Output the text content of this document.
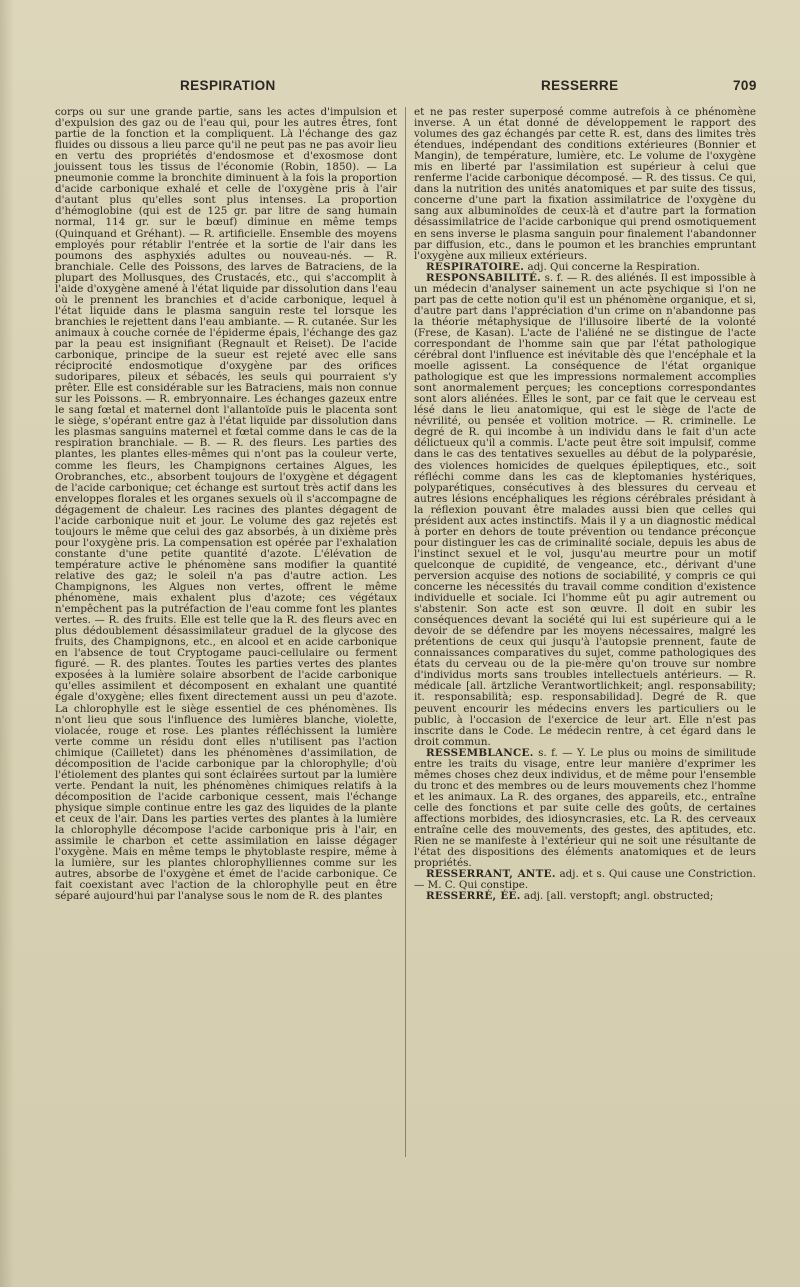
RESPIRATION	RESSERRE	709

corps ou sur une grande partie, sans les actes d'impulsion et d'expulsion des gaz ou de l'eau qui, pour les autres êtres, font partie de la fonction et la compliquent. Là l'échange des gaz fluides ou dissous a lieu parce qu'il ne peut pas ne pas avoir lieu en vertu des propriétés d'endosmose et d'exosmose dont jouissent tous les tissus de l'économie (Robin, 1850). — La pneumonie comme la bronchite diminuent à la fois la proportion d'acide carbonique exhalé et celle de l'oxygène pris à l'air d'autant plus qu'elles sont plus intenses. La proportion d'hémoglobine (qui est de 125 gr. par litre de sang humain normal, 114 gr. sur le bœuf) diminue en même temps (Quinquand et Gréhant). — R. artificielle. Ensemble des moyens employés pour rétablir l'entrée et la sortie de l'air dans les poumons des asphyxiés adultes ou nouveau-nés. — R. branchiale. Celle des Poissons, des larves de Batraciens, de la plupart des Mollusques, des Crustacés, etc., qui s'accomplit à l'aide d'oxygène amené à l'état liquide par dissolution dans l'eau où le prennent les branchies et d'acide carbonique, lequel à l'état liquide dans le plasma sanguin reste tel lorsque les branchies le rejettent dans l'eau ambiante. — R. cutanée. Sur les animaux à couche cornée de l'épiderme épais, l'échange des gaz par la peau est insignifiant (Regnault et Reiset). De l'acide carbonique, principe de la sueur est rejeté avec elle sans réciprocité endosmotique d'oxygène par des orifices sudoripares, pileux et sébacés, les seuls qui pourraient s'y prêter. Elle est considérable sur les Batraciens, mais non connue sur les Poissons. — R. embryonnaire. Les échanges gazeux entre le sang fœtal et maternel dont l'allantoïde puis le placenta sont le siège, s'opérant entre gaz à l'état liquide par dissolution dans les plasmas sanguins maternel et fœtal comme dans le cas de la respiration branchiale. — B. — R. des fleurs. Les parties des plantes, les plantes elles-mêmes qui n'ont pas la couleur verte, comme les fleurs, les Champignons certaines Algues, les Orobranches, etc., absorbent toujours de l'oxygène et dégagent de l'acide carbonique; cet échange est surtout très actif dans les enveloppes florales et les organes sexuels où il s'accompagne de dégagement de chaleur. Les racines des plantes dégagent de l'acide carbonique nuit et jour. Le volume des gaz rejetés est toujours le même que celui des gaz absorbés, à un dixième près pour l'oxygène pris. La compensation est opérée par l'exhalation constante d'une petite quantité d'azote. L'élévation de température active le phénomène sans modifier la quantité relative des gaz; le soleil n'a pas d'autre action. Les Champignons, les Algues non vertes, offrent le même phénomène, mais exhalent plus d'azote; ces végétaux n'empêchent pas la putréfaction de l'eau comme font les plantes vertes. — R. des fruits. Elle est telle que la R. des fleurs avec en plus dédoublement désassimilateur graduel de la glycose des fruits, des Champignons, etc., en alcool et en acide carbonique en l'absence de tout Cryptogame pauci-cellulaire ou ferment figuré. — R. des plantes. Toutes les parties vertes des plantes exposées à la lumière solaire absorbent de l'acide carbonique qu'elles assimilent et décomposent en exhalant une quantité égale d'oxygène; elles fixent directement aussi un peu d'azote. La chlorophylle est le siège essentiel de ces phénomènes. Ils n'ont lieu que sous l'influence des lumières blanche, violette, violacée, rouge et rose. Les plantes réfléchissent la lumière verte comme un résidu dont elles n'utilisent pas l'action chimique (Cailletet) dans les phénomènes d'assimilation, de décomposition de l'acide carbonique par la chlorophylle; d'où l'étiolement des plantes qui sont éclairées surtout par la lumière verte. Pendant la nuit, les phénomènes chimiques relatifs à la décomposition de l'acide carbonique cessent, mais l'échange physique simple continue entre les gaz des liquides de la plante et ceux de l'air. Dans les parties vertes des plantes à la lumière la chlorophylle décompose l'acide carbonique pris à l'air, en assimile le charbon et cette assimilation en laisse dégager l'oxygène. Mais en même temps le phytoblaste respire, même à la lumière, sur les plantes chlorophylliennes comme sur les autres, absorbe de l'oxygène et émet de l'acide carbonique. Ce fait coexistant avec l'action de la chlorophylle peut en être séparé aujourd'hui par l'analyse sous le nom de R. des plantes

et ne pas rester superposé comme autrefois à ce phénomène inverse. A un état donné de développement le rapport des volumes des gaz échangés par cette R. est, dans des limites très étendues, indépendant des conditions extérieures (Bonnier et Mangin), de température, lumière, etc. Le volume de l'oxygène mis en liberté par l'assimilation est supérieur à celui que renferme l'acide carbonique décomposé. — R. des tissus. Ce qui, dans la nutrition des unités anatomiques et par suite des tissus, concerne d'une part la fixation assimilatrice de l'oxygène du sang aux albuminoïdes de ceux-là et d'autre part la formation désassimilatrice de l'acide carbonique qui prend osmotiquement en sens inverse le plasma sanguin pour finalement l'abandonner par diffusion, etc., dans le poumon et les branchies empruntant l'oxygène aux milieux extérieurs.

RESPIRATOIRE. adj. Qui concerne la Respiration.

RESPONSABILITÉ. s. f. — R. des aliénés. Il est impossible à un médecin d'analyser sainement un acte psychique si l'on ne part pas de cette notion qu'il est un phénomène organique, et si, d'autre part dans l'appréciation d'un crime on n'abandonne pas la théorie métaphysique de l'illusoire liberté de la volonté (Frese, de Kasan). L'acte de l'aliéné ne se distingue de l'acte correspondant de l'homme sain que par l'état pathologique cérébral dont l'influence est inévitable dès que l'encéphale et la moelle agissent. La conséquence de l'état organique pathologique est que les impressions normalement accomplies sont anormalement perçues; les conceptions correspondantes sont alors aliénées. Elles le sont, par ce fait que le cerveau est lésé dans le lieu anatomique, qui est le siège de l'acte de névrilité, ou pensée et volition motrice. — R. criminelle. Le degré de R. qui incombe à un individu dans le fait d'un acte délictueux qu'il a commis. L'acte peut être soit impulsif, comme dans le cas des tentatives sexuelles au début de la polyparésie, des violences homicides de quelques épileptiques, etc., soit réfléchi comme dans les cas de kleptomanies hystériques, polyparétiques, consécutives à des blessures du cerveau et autres lésions encéphaliques les régions cérébrales présidant à la réflexion pouvant être malades aussi bien que celles qui président aux actes instinctifs. Mais il y a un diagnostic médical à porter en dehors de toute prévention ou tendance préconçue pour distinguer les cas de criminalité sociale, depuis les abus de l'instinct sexuel et le vol, jusqu'au meurtre pour un motif quelconque de cupidité, de vengeance, etc., dérivant d'une perversion acquise des notions de sociabilité, y compris ce qui concerne les nécessités du travail comme condition d'existence individuelle et sociale. Ici l'homme eût pu agir autrement ou s'abstenir. Son acte est son œuvre. Il doit en subir les conséquences devant la société qui lui est supérieure qui a le devoir de se défendre par les moyens nécessaires, malgré les prétentions de ceux qui jusqu'à l'autopsie prennent, faute de connaissances comparatives du sujet, comme pathologiques des états du cerveau ou de la pie-mère qu'on trouve sur nombre d'individus morts sans troubles intellectuels antérieurs. — R. médicale [all. ärtzliche Verantwortlichkeit; angl. responsability; it. responsabilità; esp. responsabilidad]. Degré de R. que peuvent encourir les médecins envers les particuliers ou le public, à l'occasion de l'exercice de leur art. Elle n'est pas inscrite dans le Code. Le médecin rentre, à cet égard dans le droit commun.

RESSEMBLANCE. s. f. — Y. Le plus ou moins de similitude entre les traits du visage, entre leur manière d'exprimer les mêmes choses chez deux individus, et de même pour l'ensemble du tronc et des membres ou de leurs mouvements chez l'homme et les animaux. La R. des organes, des appareils, etc., entraîne celle des fonctions et par suite celle des goûts, de certaines affections morbides, des idiosyncrasies, etc. La R. des cerveaux entraîne celle des mouvements, des gestes, des aptitudes, etc. Rien ne se manifeste à l'extérieur qui ne soit une résultante de l'état des dispositions des éléments anatomiques et de leurs propriétés.

RESSERRANT, ANTE. adj. et s. Qui cause une Constriction. — M. C. Qui constipe.

RESSERRÉ, ÉE. adj. [all. verstopft; angl. obstructed;
